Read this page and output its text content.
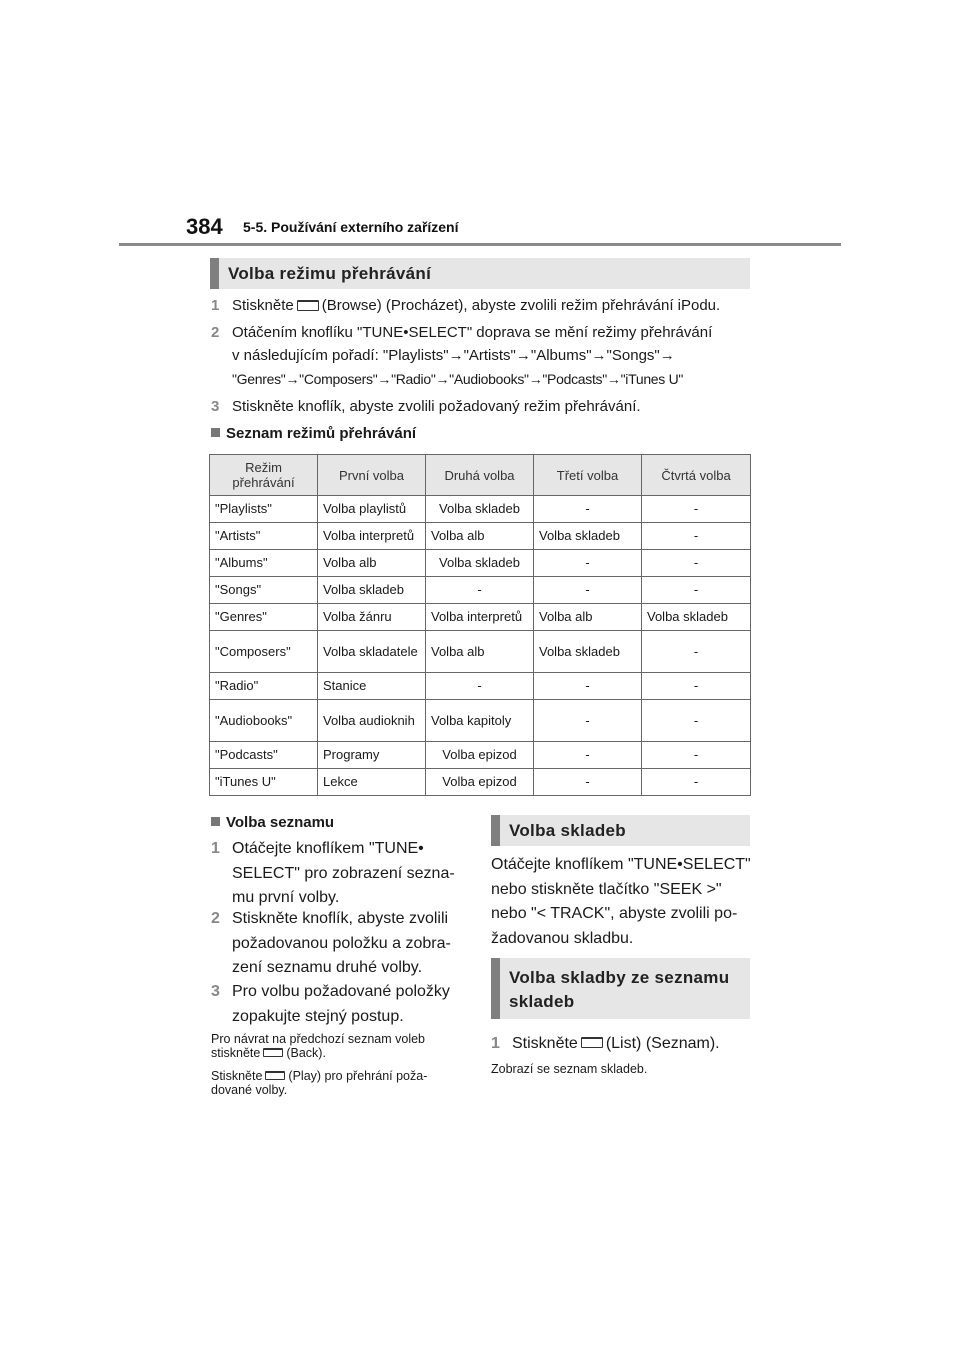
384 5-5. Používání externího zařízení
Volba režimu přehrávání
1 Stiskněte (Browse) (Procházet), abyste zvolili režim přehrávání iPodu.
2 Otáčením knoflíku "TUNE•SELECT" doprava se mění režimy přehrávání
v následujícím pořadí: "Playlists"→"Artists"→"Albums"→"Songs"→
"Genres"→"Composers"→"Radio"→"Audiobooks"→"Podcasts"→"iTunes U"
3 Stiskněte knoflík, abyste zvolili požadovaný režim přehrávání.
Seznam režimů přehrávání
Režim přehrávání	První volba	Druhá volba	Třetí volba	Čtvrtá volba
"Playlists"	Volba playlistů	Volba skladeb	-	-
"Artists"	Volba interpretů	Volba alb	Volba skladeb	-
"Albums"	Volba alb	Volba skladeb	-	-
"Songs"	Volba skladeb	-	-	-
"Genres"	Volba žánru	Volba interpretů	Volba alb	Volba skladeb
"Composers"	Volba skladatele	Volba alb	Volba skladeb	-
"Radio"	Stanice	-	-	-
"Audiobooks"	Volba audioknih	Volba kapitoly	-	-
"Podcasts"	Programy	Volba epizod	-	-
"iTunes U"	Lekce	Volba epizod	-	-
Volba seznamu
1 Otáčejte knoflíkem "TUNE•
SELECT" pro zobrazení sezna-
mu první volby.
2 Stiskněte knoflík, abyste zvolili
požadovanou položku a zobra-
zení seznamu druhé volby.
3 Pro volbu požadované položky
zopakujte stejný postup.
Pro návrat na předchozí seznam voleb
stiskněte (Back).
Stiskněte (Play) pro přehrání poža-
dované volby.
Volba skladeb
Otáčejte knoflíkem "TUNE•SELECT"
nebo stiskněte tlačítko "SEEK >"
nebo "< TRACK", abyste zvolili po-
žadovanou skladbu.
Volba skladby ze seznamu
skladeb
1 Stiskněte (List) (Seznam).
Zobrazí se seznam skladeb.
